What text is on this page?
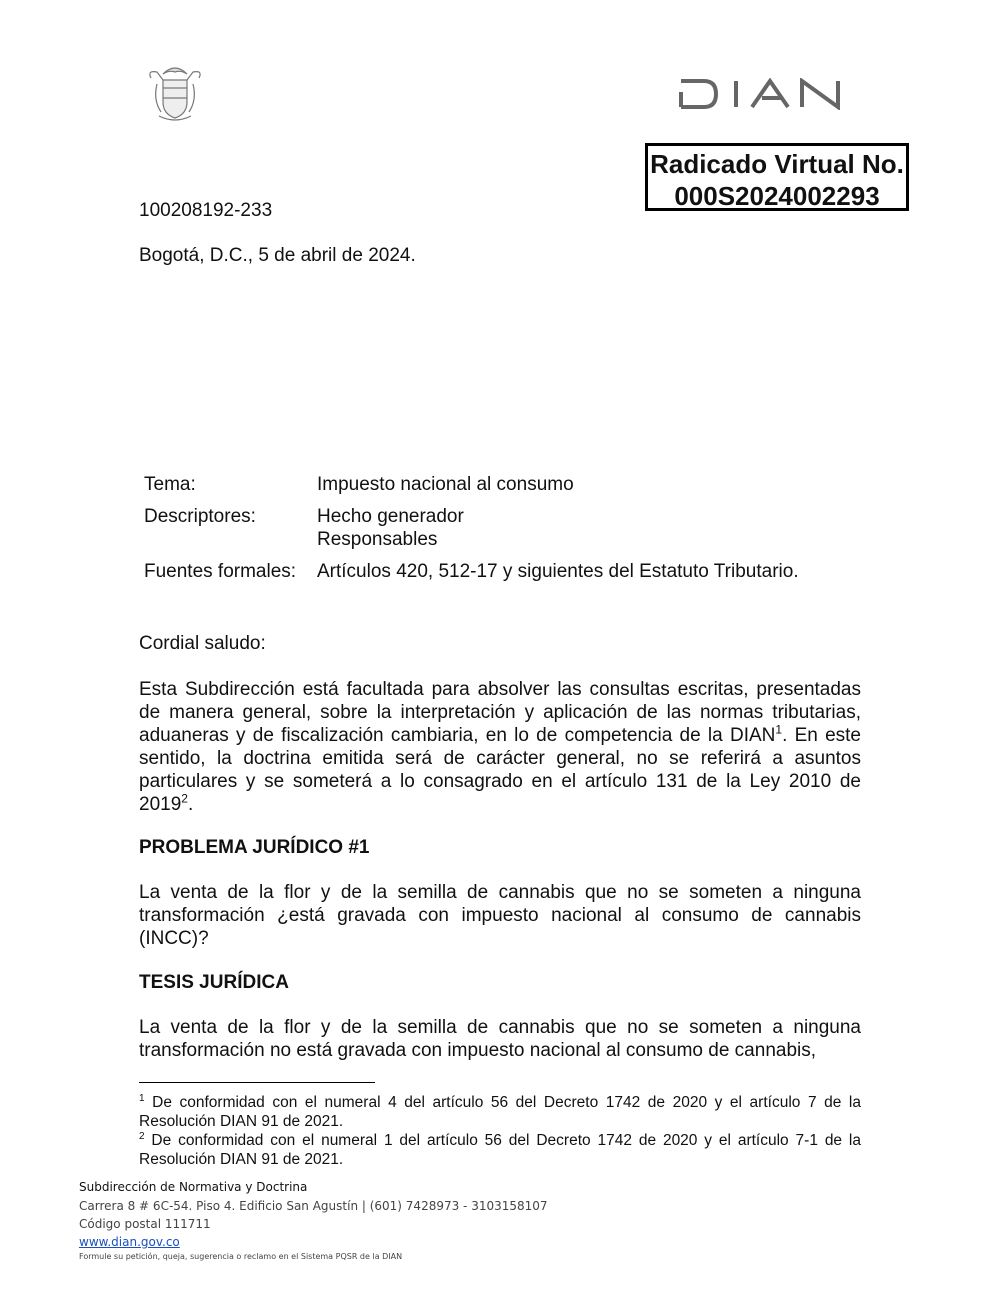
Radicado Virtual No.
000S2024002293
100208192-233
Bogotá, D.C., 5 de abril de 2024.
Tema:	Impuesto nacional al consumo
Descriptores:	Hecho generador
Responsables
Fuentes formales:	Artículos 420, 512-17 y siguientes del Estatuto Tributario.
Cordial saludo:
Esta Subdirección está facultada para absolver las consultas escritas, presentadas de manera general, sobre la interpretación y aplicación de las normas tributarias, aduaneras y de fiscalización cambiaria, en lo de competencia de la DIAN$^1$. En este sentido, la doctrina emitida será de carácter general, no se referirá a asuntos particulares y se someterá a lo consagrado en el artículo 131 de la Ley 2010 de 2019$^2$.
PROBLEMA JURÍDICO #1
La venta de la flor y de la semilla de cannabis que no se someten a ninguna transformación ¿está gravada con impuesto nacional al consumo de cannabis (INCC)?
TESIS JURÍDICA
La venta de la flor y de la semilla de cannabis que no se someten a ninguna transformación no está gravada con impuesto nacional al consumo de cannabis,
$^1$ De conformidad con el numeral 4 del artículo 56 del Decreto 1742 de 2020 y el artículo 7 de la Resolución DIAN 91 de 2021.
$^2$ De conformidad con el numeral 1 del artículo 56 del Decreto 1742 de 2020 y el artículo 7-1 de la Resolución DIAN 91 de 2021.
Subdirección de Normativa y Doctrina
Carrera 8 # 6C-54. Piso 4. Edificio San Agustín | (601) 7428973 - 3103158107
Código postal 111711
www.dian.gov.co
Formule su petición, queja, sugerencia o reclamo en el Sistema PQSR de la DIAN
